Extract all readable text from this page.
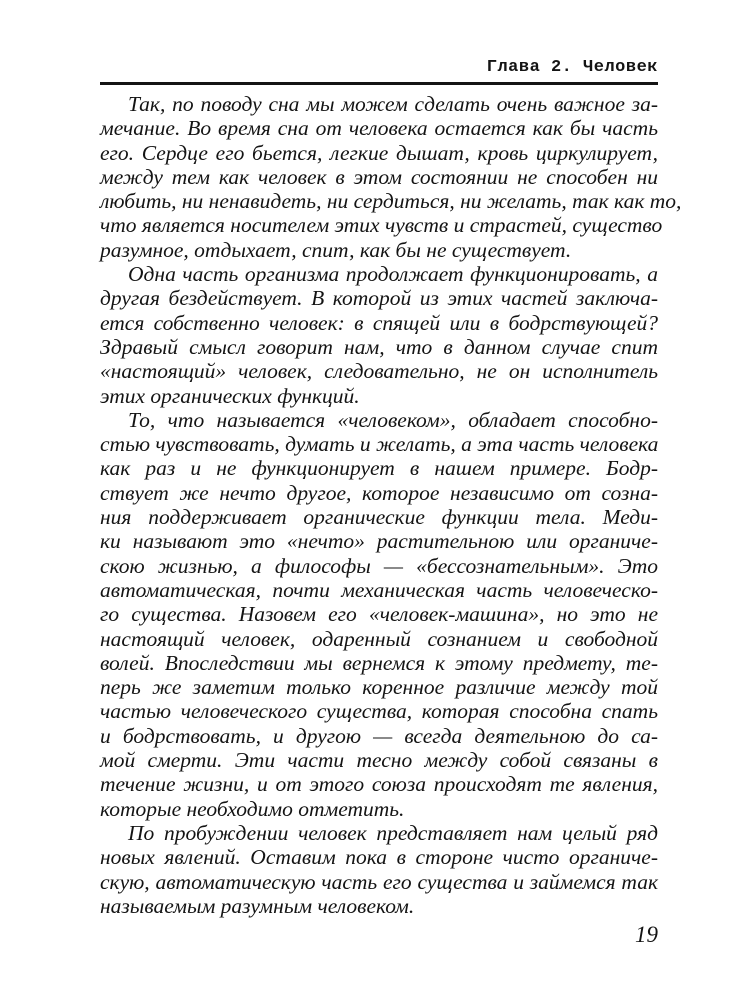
Глава 2. Человек
Так, по поводу сна мы можем сделать очень важное за-
мечание. Во время сна от человека остается как бы часть
его. Сердце его бьется, легкие дышат, кровь циркулирует,
между тем как человек в этом состоянии не способен ни
любить, ни ненавидеть, ни сердиться, ни желать, так как то,
что является носителем этих чувств и страстей, существо
разумное, отдыхает, спит, как бы не существует.
Одна часть организма продолжает функционировать, а
другая бездействует. В которой из этих частей заключа-
ется собственно человек: в спящей или в бодрствующей?
Здравый смысл говорит нам, что в данном случае спит
«настоящий» человек, следовательно, не он исполнитель
этих органических функций.
То, что называется «человеком», обладает способно-
стью чувствовать, думать и желать, а эта часть человека
как раз и не функционирует в нашем примере. Бодр-
ствует же нечто другое, которое независимо от созна-
ния поддерживает органические функции тела. Меди-
ки называют это «нечто» растительною или органиче-
скою жизнью, а философы — «бессознательным». Это
автоматическая, почти механическая часть человеческо-
го существа. Назовем его «человек-машина», но это не
настоящий человек, одаренный сознанием и свободной
волей. Впоследствии мы вернемся к этому предмету, те-
перь же заметим только коренное различие между той
частью человеческого существа, которая способна спать
и бодрствовать, и другою — всегда деятельною до са-
мой смерти. Эти части тесно между собой связаны в
течение жизни, и от этого союза происходят те явления,
которые необходимо отметить.
По пробуждении человек представляет нам целый ряд
новых явлений. Оставим пока в стороне чисто органиче-
скую, автоматическую часть его существа и займемся так
называемым разумным человеком.
19
